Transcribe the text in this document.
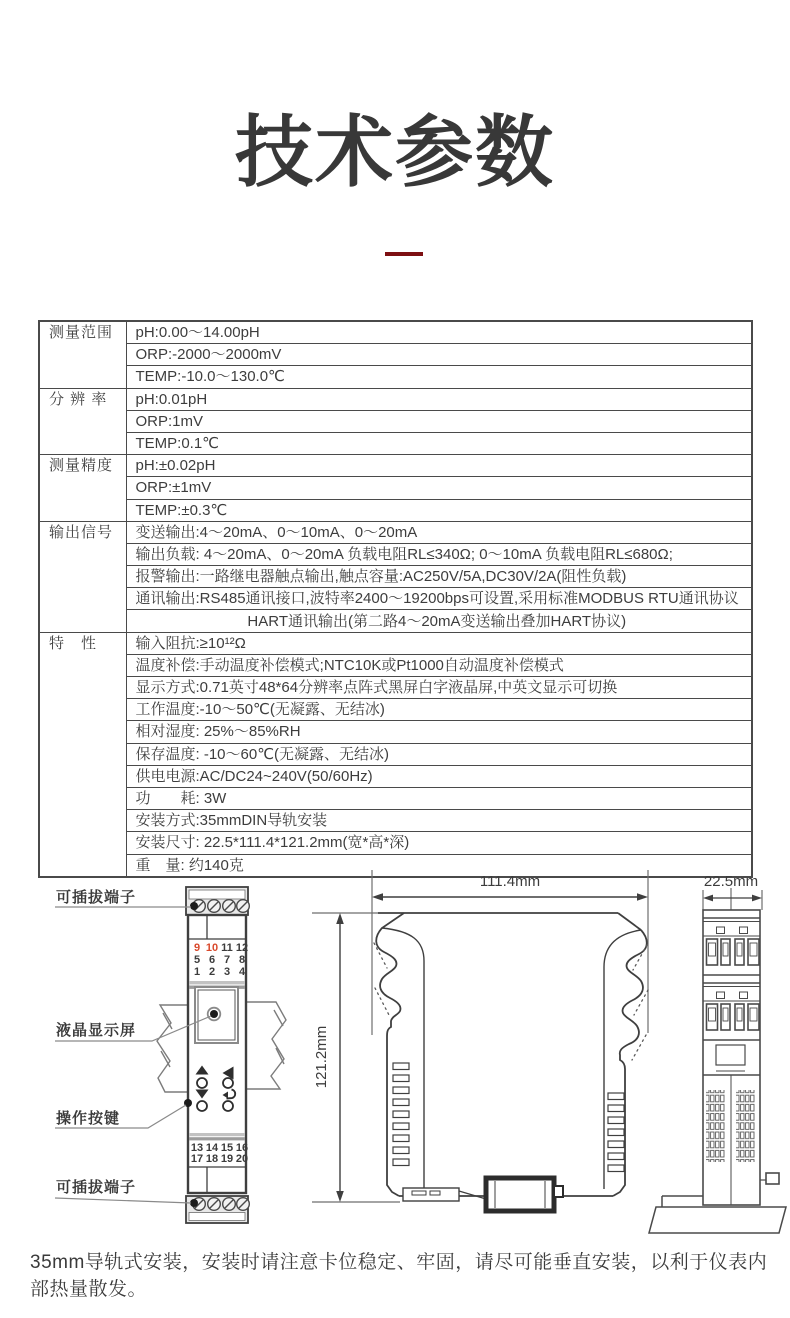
技术参数
测量范围	pH:0.00～14.00pH
	ORP:-2000～2000mV
	TEMP:-10.0～130.0℃
分 辨 率	pH:0.01pH
	ORP:1mV
	TEMP:0.1℃
测量精度	pH:±0.02pH
	ORP:±1mV
	TEMP:±0.3℃
输出信号	变送输出:4～20mA、0～10mA、0～20mA
	输出负载: 4～20mA、0～20mA 负载电阻RL≤340Ω; 0～10mA 负载电阻RL≤680Ω;
	报警输出:一路继电器触点输出,触点容量:AC250V/5A,DC30V/2A(阻性负载)
	通讯输出:RS485通讯接口,波特率2400～19200bps可设置,采用标准MODBUS RTU通讯协议
	HART通讯输出(第二路4～20mA变送输出叠加HART协议)
特　性	输入阻抗:≥10¹²Ω
	温度补偿:手动温度补偿模式;NTC10K或Pt1000自动温度补偿模式
	显示方式:0.71英寸48*64分辨率点阵式黑屏白字液晶屏,中英文显示可切换
	工作温度:-10～50℃(无凝露、无结冰)
	相对湿度: 25%～85%RH
	保存温度: -10～60℃(无凝露、无结冰)
	供电电源:AC/DC24~240V(50/60Hz)
	功　　耗: 3W
	安装方式:35mmDIN导轨安装
	安装尺寸: 22.5*111.4*121.2mm(宽*高*深)
	重　量: 约140克
9 10 11 12
5 6 7 8
1 2 3 4
13 14 15 16
17 18 19 20
可插拔端子
液晶显示屏
操作按键
可插拔端子
111.4mm
121.2mm
22.5mm
35mm导轨式安装，安装时请注意卡位稳定、牢固，请尽可能垂直安装，以利于仪表内部热量散发。
